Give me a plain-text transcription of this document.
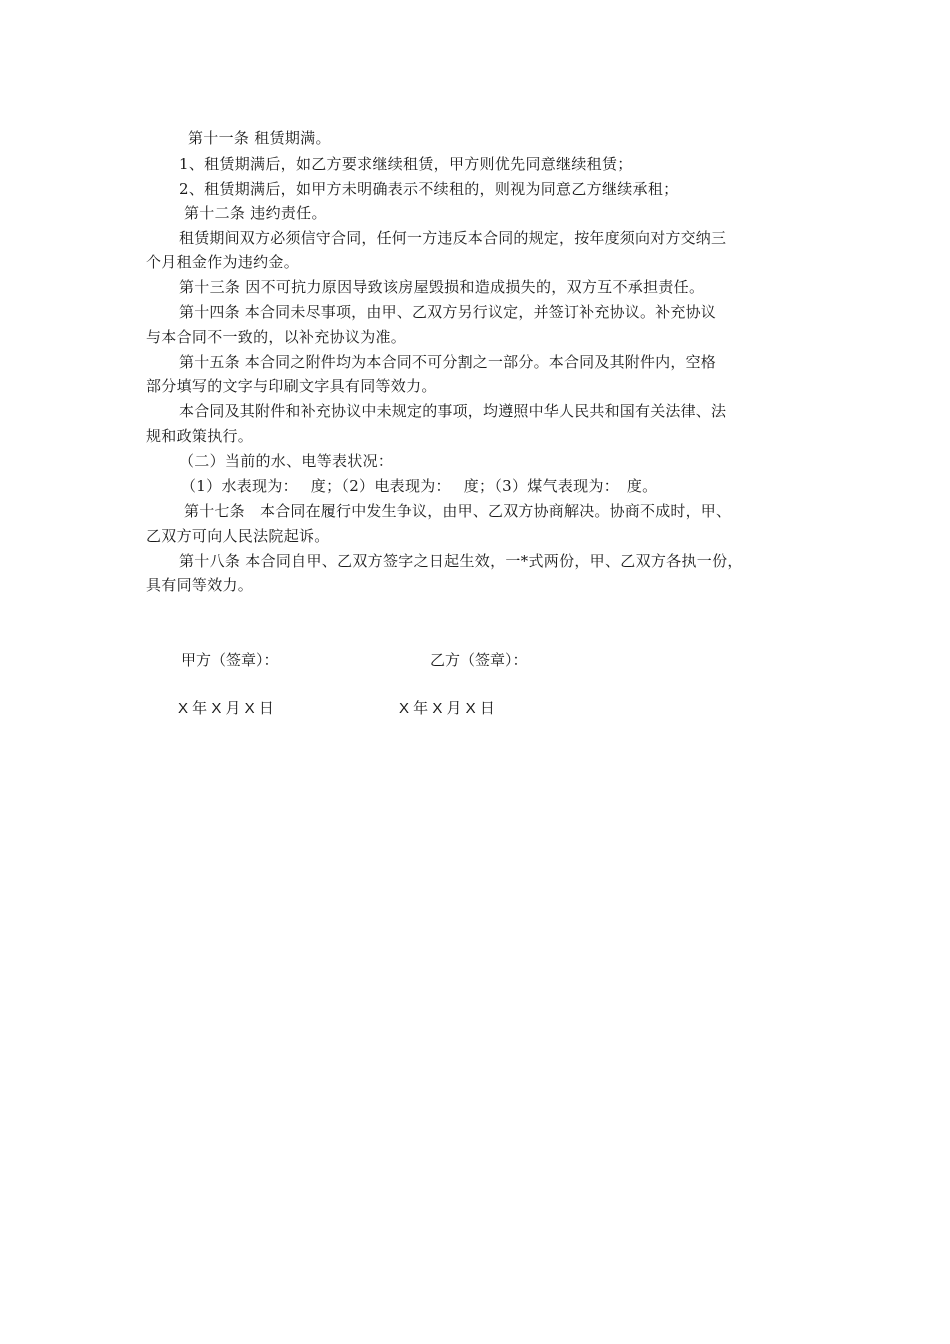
第十一条 租赁期满。
1、租赁期满后，如乙方要求继续租赁，甲方则优先同意继续租赁；
2、租赁期满后，如甲方未明确表示不续租的，则视为同意乙方继续承租；
第十二条 违约责任。
租赁期间双方必须信守合同，任何一方违反本合同的规定，按年度须向对方交纳三
个月租金作为违约金。
第十三条 因不可抗力原因导致该房屋毁损和造成损失的，双方互不承担责任。
第十四条 本合同未尽事项，由甲、乙双方另行议定，并签订补充协议。补充协议
与本合同不一致的，以补充协议为准。
第十五条 本合同之附件均为本合同不可分割之一部分。本合同及其附件内，空格
部分填写的文字与印刷文字具有同等效力。
本合同及其附件和补充协议中未规定的事项，均遵照中华人民共和国有关法律、法
规和政策执行。
（二）当前的水、电等表状况：
（1）水表现为：　 度；（2）电表现为：　 度；（3）煤气表现为：　度。
第十七条　本合同在履行中发生争议，由甲、乙双方协商解决。协商不成时，甲、
乙双方可向人民法院起诉。
第十八条 本合同自甲、乙双方签字之日起生效，一*式两份，甲、乙双方各执一份，
具有同等效力。
甲方（签章）：	乙方（签章）：
X 年 X 月 X 日	X 年 X 月 X 日
